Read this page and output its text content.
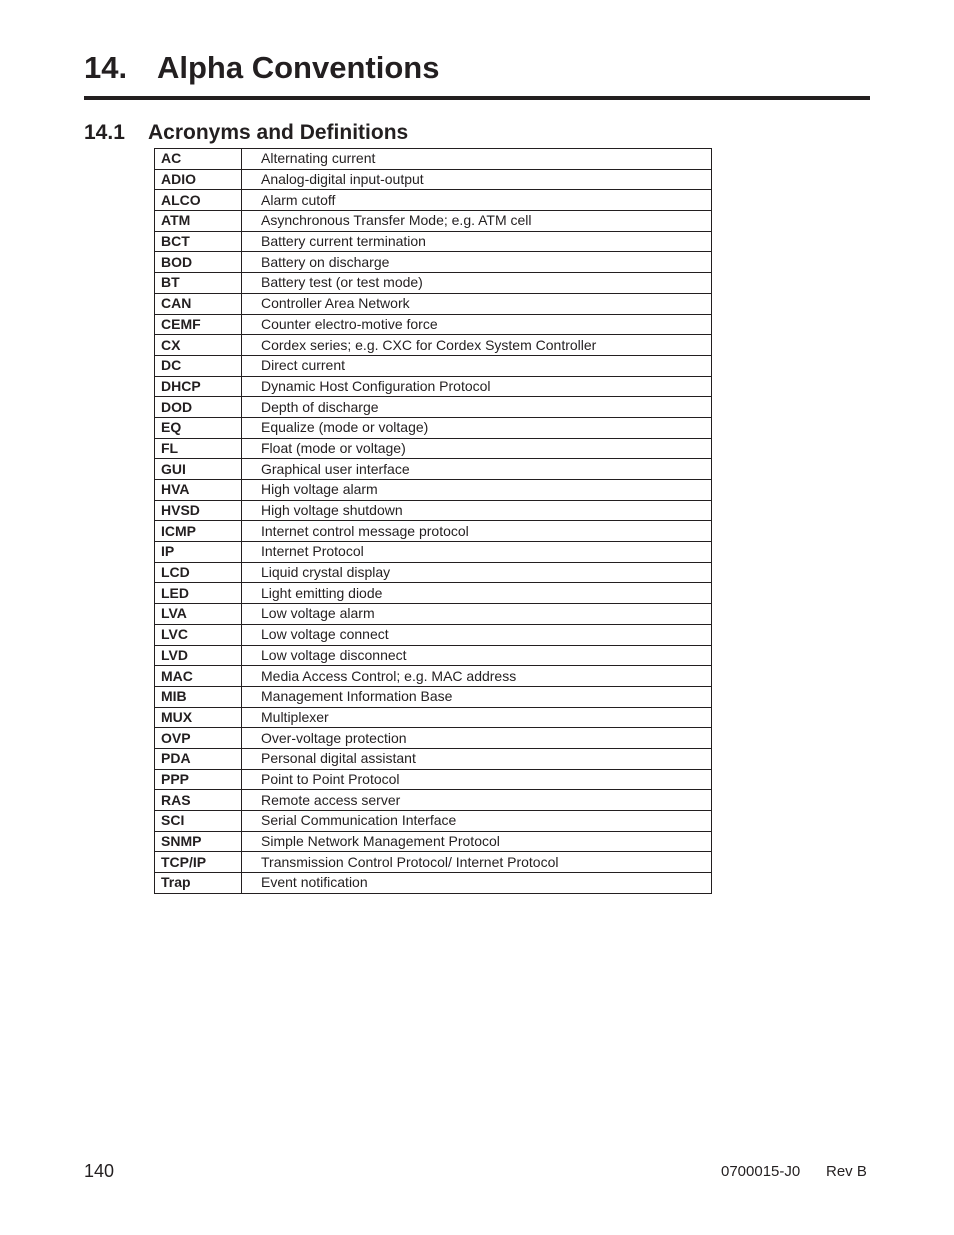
14. Alpha Conventions
14.1 Acronyms and Definitions
AC	Alternating current
ADIO	Analog-digital input-output
ALCO	Alarm cutoff
ATM	Asynchronous Transfer Mode; e.g. ATM cell
BCT	Battery current termination
BOD	Battery on discharge
BT	Battery test (or test mode)
CAN	Controller Area Network
CEMF	Counter electro-motive force
CX	Cordex series; e.g. CXC for Cordex System Controller
DC	Direct current
DHCP	Dynamic Host Configuration Protocol
DOD	Depth of discharge
EQ	Equalize (mode or voltage)
FL	Float (mode or voltage)
GUI	Graphical user interface
HVA	High voltage alarm
HVSD	High voltage shutdown
ICMP	Internet control message protocol
IP	Internet Protocol
LCD	Liquid crystal display
LED	Light emitting diode
LVA	Low voltage alarm
LVC	Low voltage connect
LVD	Low voltage disconnect
MAC	Media Access Control; e.g. MAC address
MIB	Management Information Base
MUX	Multiplexer
OVP	Over-voltage protection
PDA	Personal digital assistant
PPP	Point to Point Protocol
RAS	Remote access server
SCI	Serial Communication Interface
SNMP	Simple Network Management Protocol
TCP/IP	Transmission Control Protocol/ Internet Protocol
Trap	Event notification
140	0700015-J0 Rev B
